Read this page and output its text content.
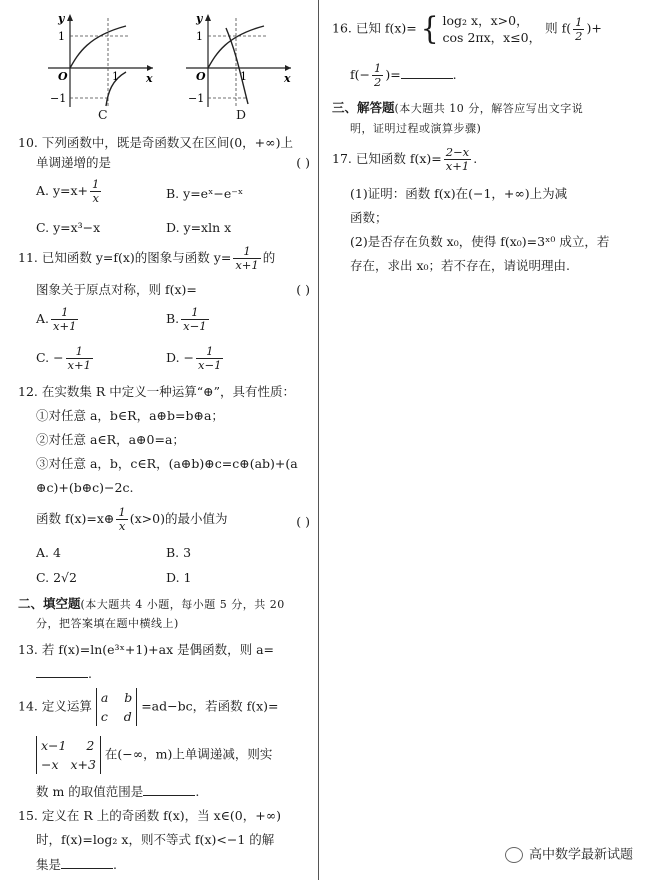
y
x
O
1
−1
1
C
y
x
O
1
−1
1
D
10. 下列函数中，既是奇函数又在区间(0，+∞)上
单调递增的是	( )
A. $y=x+ \frac{1}{x}$	B. y=eˣ−e⁻ˣ
C. y=x³−x	D. y=xln x
11. 已知函数 y=f(x)的图象与函数 $y= \frac{1}{x+1}$ 的
图象关于原点对称，则 f(x)=	( )
A. $\frac{1}{x+1}$	B. $\frac{1}{x-1}$
C. − $\frac{1}{x+1}$	D. − $\frac{1}{x-1}$
12. 在实数集 R 中定义一种运算“⊕”，具有性质：
①对任意 a，b∈R，a⊕b=b⊕a；
②对任意 a∈R，a⊕0=a；
③对任意 a，b，c∈R，(a⊕b)⊕c=c⊕(ab)+(a
⊕c)+(b⊕c)−2c.
函数 f(x)=x⊕ $\frac{1}{x} (x>0)$的最小值为	( )
A. 4	B. 3
C. 2√2	D. 1
二、填空题(本大题共 4 小题，每小题 5 分，共 20
分，把答案填在题中横线上)
13. 若 f(x)=ln(e³ˣ+1)+ax 是偶函数，则 a=
.
14. 定义运算
a b
c d
=ad−bc，若函数 f(x)=
x−1 2
−x x+3
在(−∞，m)上单调递减，则实
数 m 的取值范围是	.
15. 定义在 R 上的奇函数 f(x)，当 x∈(0，+∞)
时，f(x)=log₂ x，则不等式 f(x)<−1 的解
集是	.
16. 已知 f(x)= { log₂ x，x>0，
cos 2πx，x≤0，
则 $f( \frac{1}{2}$ )+
$f(- \frac{1}{2}$ )=	.
三、解答题(本大题共 10 分，解答应写出文字说
明，证明过程或演算步骤)
17. 已知函数 $f(x)= \frac{2-x}{x+1}$ .
(1)证明：函数 f(x)在(−1，+∞)上为减
函数；
(2)是否存在负数 x₀，使得 f(x₀)=3ˣ⁰ 成立，若
存在，求出 x₀；若不存在，请说明理由.
高中数学最新试题
